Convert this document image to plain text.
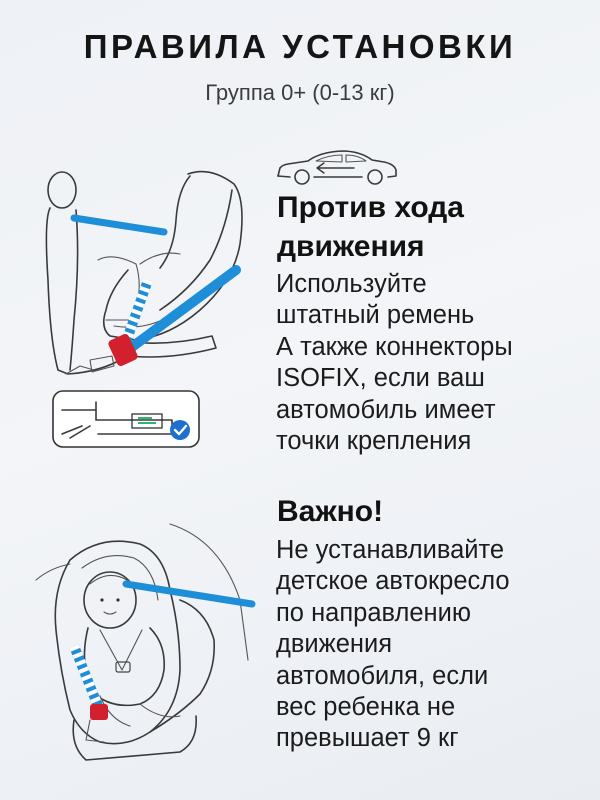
ПРАВИЛА УСТАНОВКИ
Группа 0+ (0-13 кг)
Против хода
движения
Используйте
штатный ремень
А также коннекторы
ISOFIX, если ваш
автомобиль имеет
точки крепления
Важно!
Не устанавливайте
детское автокресло
по направлению
движения
автомобиля, если
вес ребенка не
превышает 9 кг
